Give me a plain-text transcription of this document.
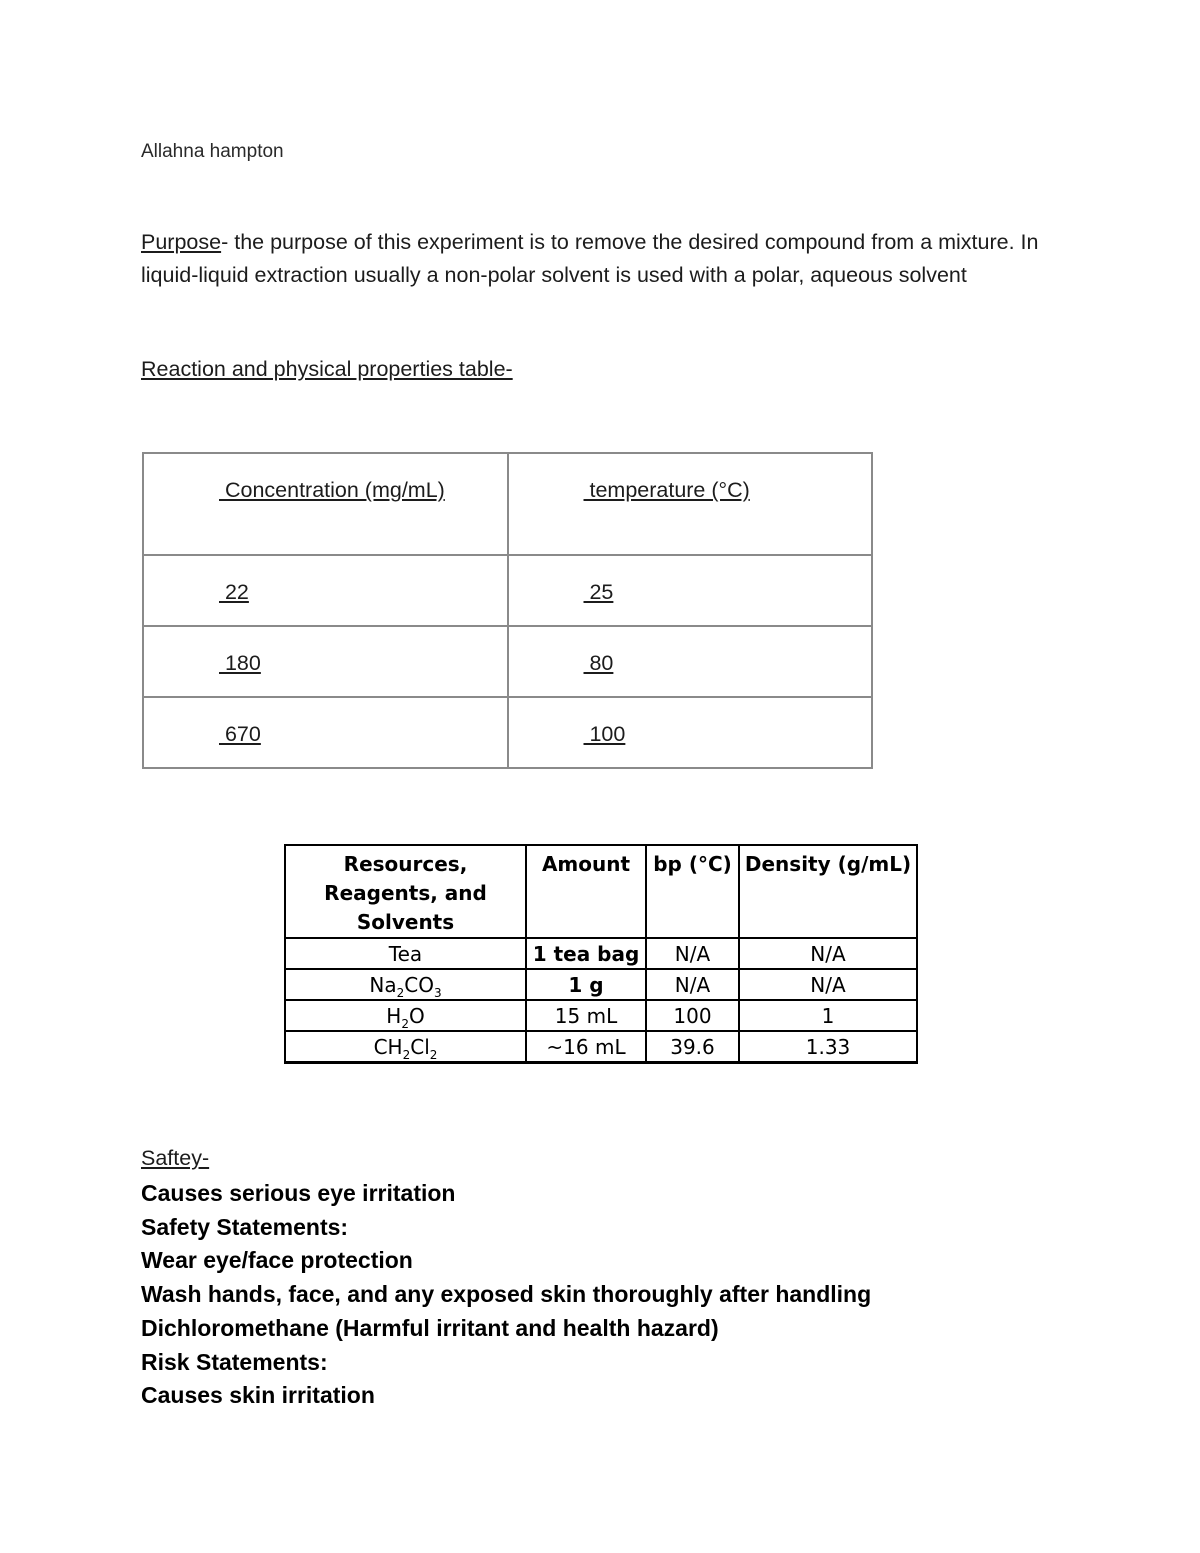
Allahna hampton
Purpose- the purpose of this experiment is to remove the desired compound from a mixture. In liquid-liquid extraction usually a non-polar solvent is used with a polar, aqueous solvent
Reaction and physical properties table-
Concentration (mg/mL)	temperature (°C)
22	25
180	80
670	100
Resources, Reagents, and Solvents	Amount	bp (°C)	Density (g/mL)
Tea	1 tea bag	N/A	N/A
$Na_2CO_3$	1 g	N/A	N/A
$H_2O$	15 mL	100	1
$CH_2Cl_2$	~16 mL	39.6	1.33
Saftey-
Causes serious eye irritation
Safety Statements:
Wear eye/face protection
Wash hands, face, and any exposed skin thoroughly after handling
Dichloromethane (Harmful irritant and health hazard)
Risk Statements:
Causes skin irritation
